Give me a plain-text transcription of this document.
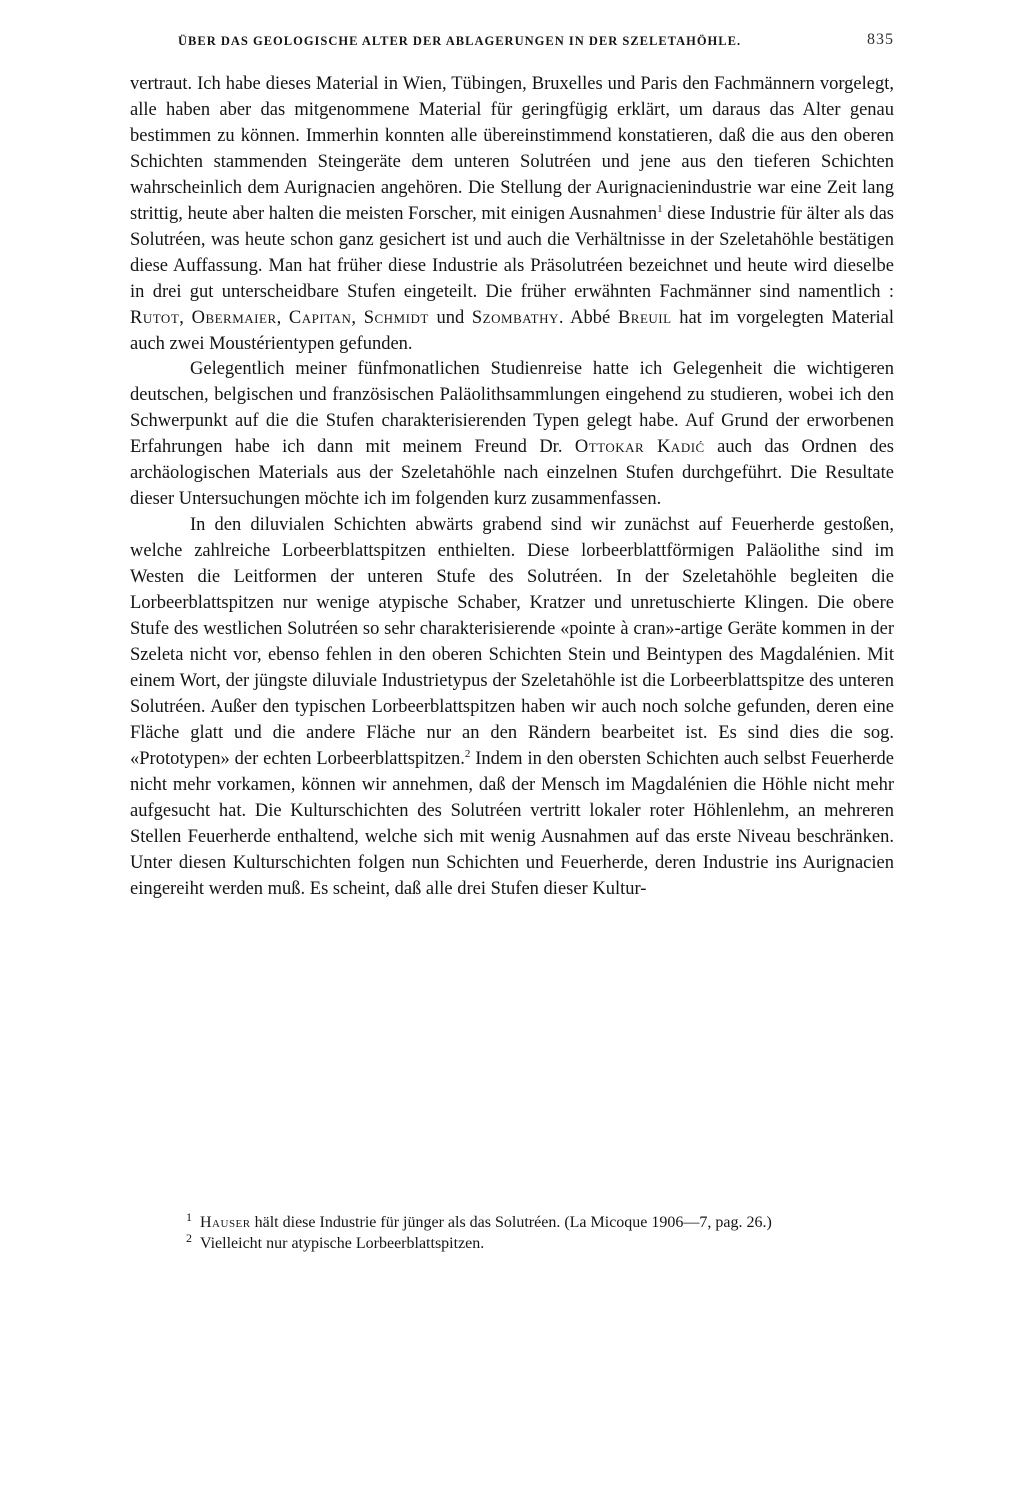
ÜBER DAS GEOLOGISCHE ALTER DER ABLAGERUNGEN IN DER SZELETAHÖHLE.	835

vertraut. Ich habe dieses Material in Wien, Tübingen, Bruxelles und Paris den Fachmännern vorgelegt, alle haben aber das mitgenommene Material für geringfügig erklärt, um daraus das Alter genau bestimmen zu können. Immerhin konnten alle übereinstimmend konstatieren, daß die aus den oberen Schichten stammenden Steingeräte dem unteren Solutréen und jene aus den tieferen Schichten wahrscheinlich dem Aurignacien angehören. Die Stellung der Aurignacienindustrie war eine Zeit lang strittig, heute aber halten die meisten Forscher, mit einigen Ausnahmen$^1$ diese Industrie für älter als das Solutréen, was heute schon ganz gesichert ist und auch die Verhältnisse in der Szeletahöhle bestätigen diese Auffassung. Man hat früher diese Industrie als Präsolutréen bezeichnet und heute wird dieselbe in drei gut unterscheidbare Stufen eingeteilt. Die früher erwähnten Fachmänner sind namentlich : Rutot, Obermaier, Capitan, Schmidt und Szombathy. Abbé Breuil hat im vorgelegten Material auch zwei Moustérientypen gefunden.

Gelegentlich meiner fünfmonatlichen Studienreise hatte ich Gelegenheit die wichtigeren deutschen, belgischen und französischen Paläolithsammlungen eingehend zu studieren, wobei ich den Schwerpunkt auf die die Stufen charakterisierenden Typen gelegt habe. Auf Grund der erworbenen Erfahrungen habe ich dann mit meinem Freund Dr. Ottokar Kadić auch das Ordnen des archäologischen Materials aus der Szeletahöhle nach einzelnen Stufen durchgeführt. Die Resultate dieser Untersuchungen möchte ich im folgenden kurz zusammenfassen.

In den diluvialen Schichten abwärts grabend sind wir zunächst auf Feuerherde gestoßen, welche zahlreiche Lorbeerblattspitzen enthielten. Diese lorbeerblattförmigen Paläolithe sind im Westen die Leitformen der unteren Stufe des Solutréen. In der Szeletahöhle begleiten die Lorbeerblattspitzen nur wenige atypische Schaber, Kratzer und unretuschierte Klingen. Die obere Stufe des westlichen Solutréen so sehr charakterisierende «pointe à cran»-artige Geräte kommen in der Szeleta nicht vor, ebenso fehlen in den oberen Schichten Stein und Beintypen des Magdalénien. Mit einem Wort, der jüngste diluviale Industrietypus der Szeletahöhle ist die Lorbeerblattspitze des unteren Solutréen. Außer den typischen Lorbeerblattspitzen haben wir auch noch solche gefunden, deren eine Fläche glatt und die andere Fläche nur an den Rändern bearbeitet ist. Es sind dies die sog. «Prototypen» der echten Lorbeerblattspitzen.$^2$ Indem in den obersten Schichten auch selbst Feuerherde nicht mehr vorkamen, können wir annehmen, daß der Mensch im Magdalénien die Höhle nicht mehr aufgesucht hat. Die Kulturschichten des Solutréen vertritt lokaler roter Höhlenlehm, an mehreren Stellen Feuerherde enthaltend, welche sich mit wenig Ausnahmen auf das erste Niveau beschränken. Unter diesen Kulturschichten folgen nun Schichten und Feuerherde, deren Industrie ins Aurignacien eingereiht werden muß. Es scheint, daß alle drei Stufen dieser Kultur-

$^1$ Hauser hält diese Industrie für jünger als das Solutréen. (La Micoque 1906—7, pag. 26.)

$^2$ Vielleicht nur atypische Lorbeerblattspitzen.
